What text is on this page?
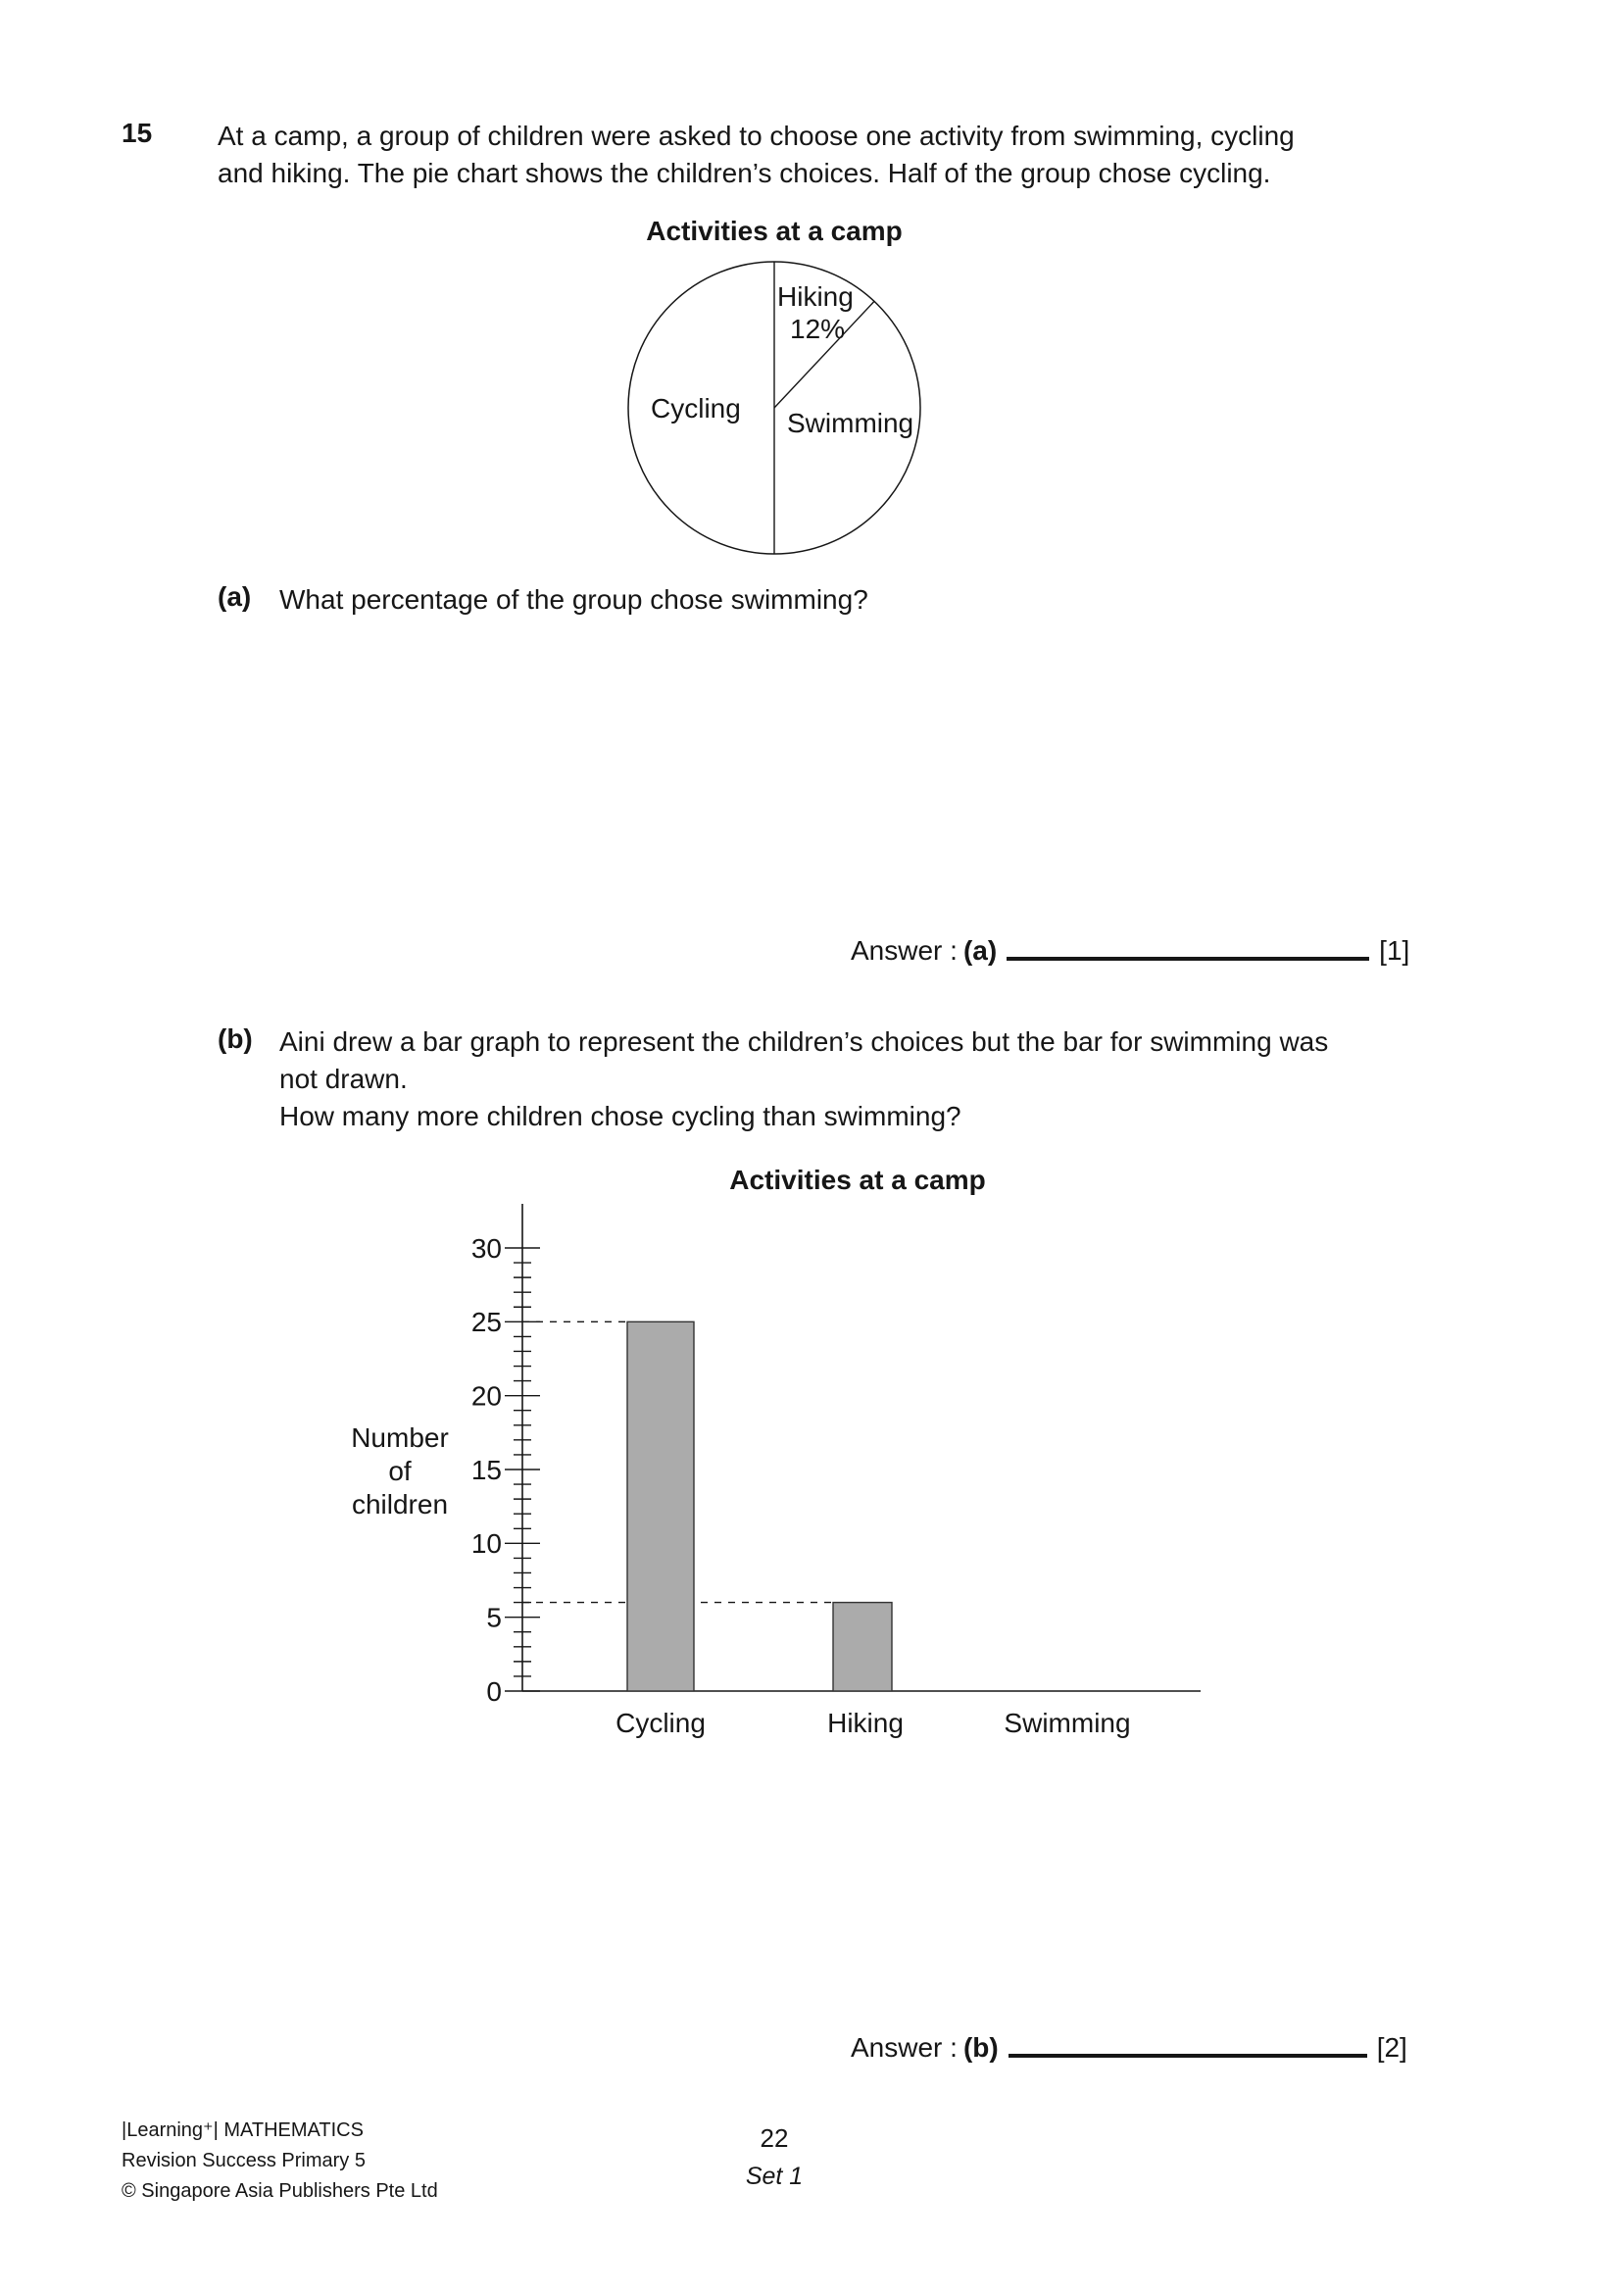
15 At a camp, a group of children were asked to choose one activity from swimming, cycling
and hiking. The pie chart shows the children’s choices. Half of the group chose cycling.
Activities at a camp
Hiking
12%
Cycling Swimming
(a) What percentage of the group chose swimming?
Answer : (a)	[1]
(b) Aini drew a bar graph to represent the children’s choices but the bar for swimming was
not drawn.
How many more children chose cycling than swimming?
Activities at a camp
0
5
10
15
20
25
30
Cycling	Hiking	Swimming
Number
of
children
Answer : (b)	[2]
|Learning⁺| MATHEMATICS
Revision Success Primary 5
© Singapore Asia Publishers Pte Ltd
22
Set 1
